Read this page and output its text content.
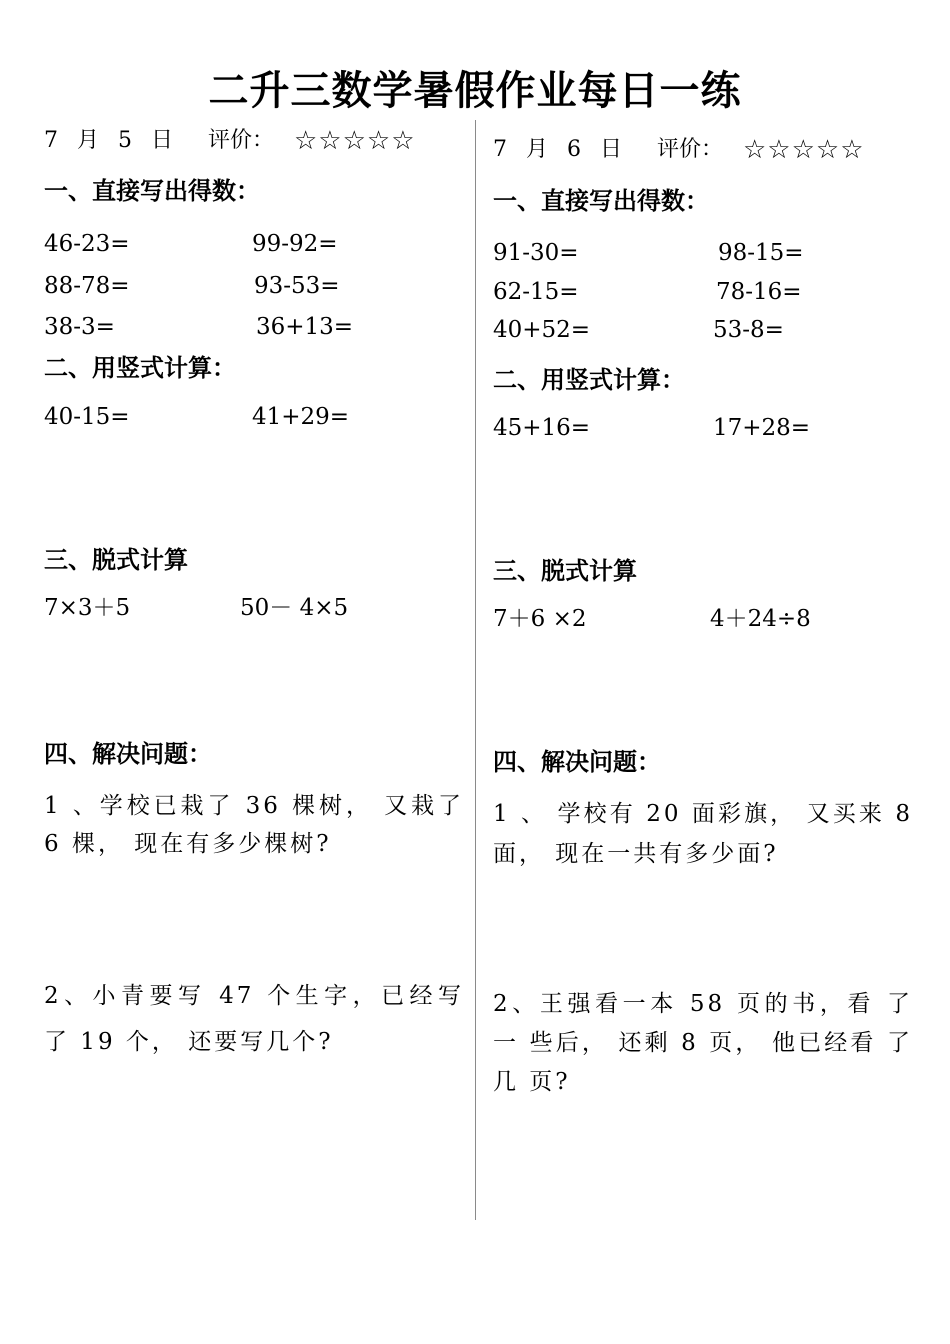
二升三数学暑假作业每日一练
7 月 5 日 评价： ☆☆☆☆☆
一、直接写出得数：
46-23=	99-92=
88-78=	93-53=
38-3=	36+13=
二、用竖式计算：
40-15=	41+29=
三、脱式计算
7×3＋5	50－ 4×5
四、解决问题：
1 、学校已栽了 36 棵树， 又栽了 6 棵， 现在有多少棵树?
2、小青要写 47 个生字，已经写 了 19 个， 还要写几个?
7 月 6 日 评价： ☆☆☆☆☆
一、直接写出得数：
91-30=	98-15=
62-15=	78-16=
40+52=	53-8=
二、用竖式计算：
45+16=	17+28=
三、脱式计算
7＋6 ×2	4＋24÷8
四、解决问题：
1 、 学校有 20 面彩旗， 又买来 8 面， 现在一共有多少面?
2、王强看一本 58 页的书，看 了 一 些后， 还剩 8 页， 他已经看 了 几 页?
